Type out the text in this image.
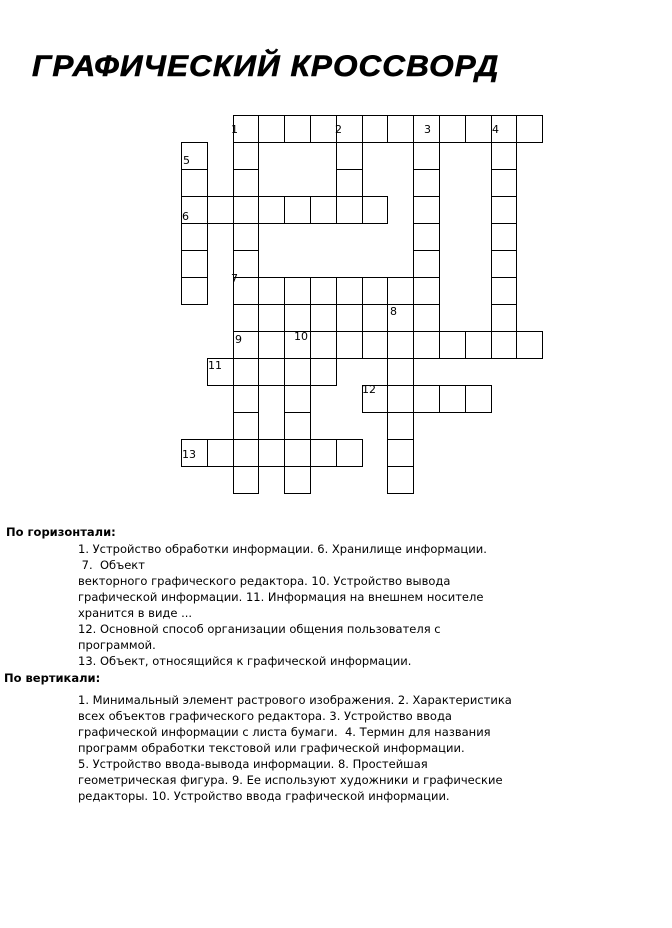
ГРАФИЧЕСКИЙ КРОССВОРД
1	2	3	4
5
6
7
8
9	10
11
12
13
По горизонтали:

1. Устройство обработки информации. 6. Хранилище информации.

7.  Объект

векторного графического редактора. 10. Устройство вывода

графической информации. 11. Информация на внешнем носителе

хранится в виде ...

12. Основной способ организации общения пользователя с

программой.

13. Объект, относящийся к графической информации.

По вертикали:

1. Минимальный элемент растрового изображения. 2. Характеристика

всех объектов графического редактора. 3. Устройство ввода

графической информации с листа бумаги.  4. Термин для названия

программ обработки текстовой или графической информации.

5. Устройство ввода-вывода информации. 8. Простейшая

геометрическая фигура. 9. Ее используют художники и графические

редакторы. 10. Устройство ввода графической информации.
